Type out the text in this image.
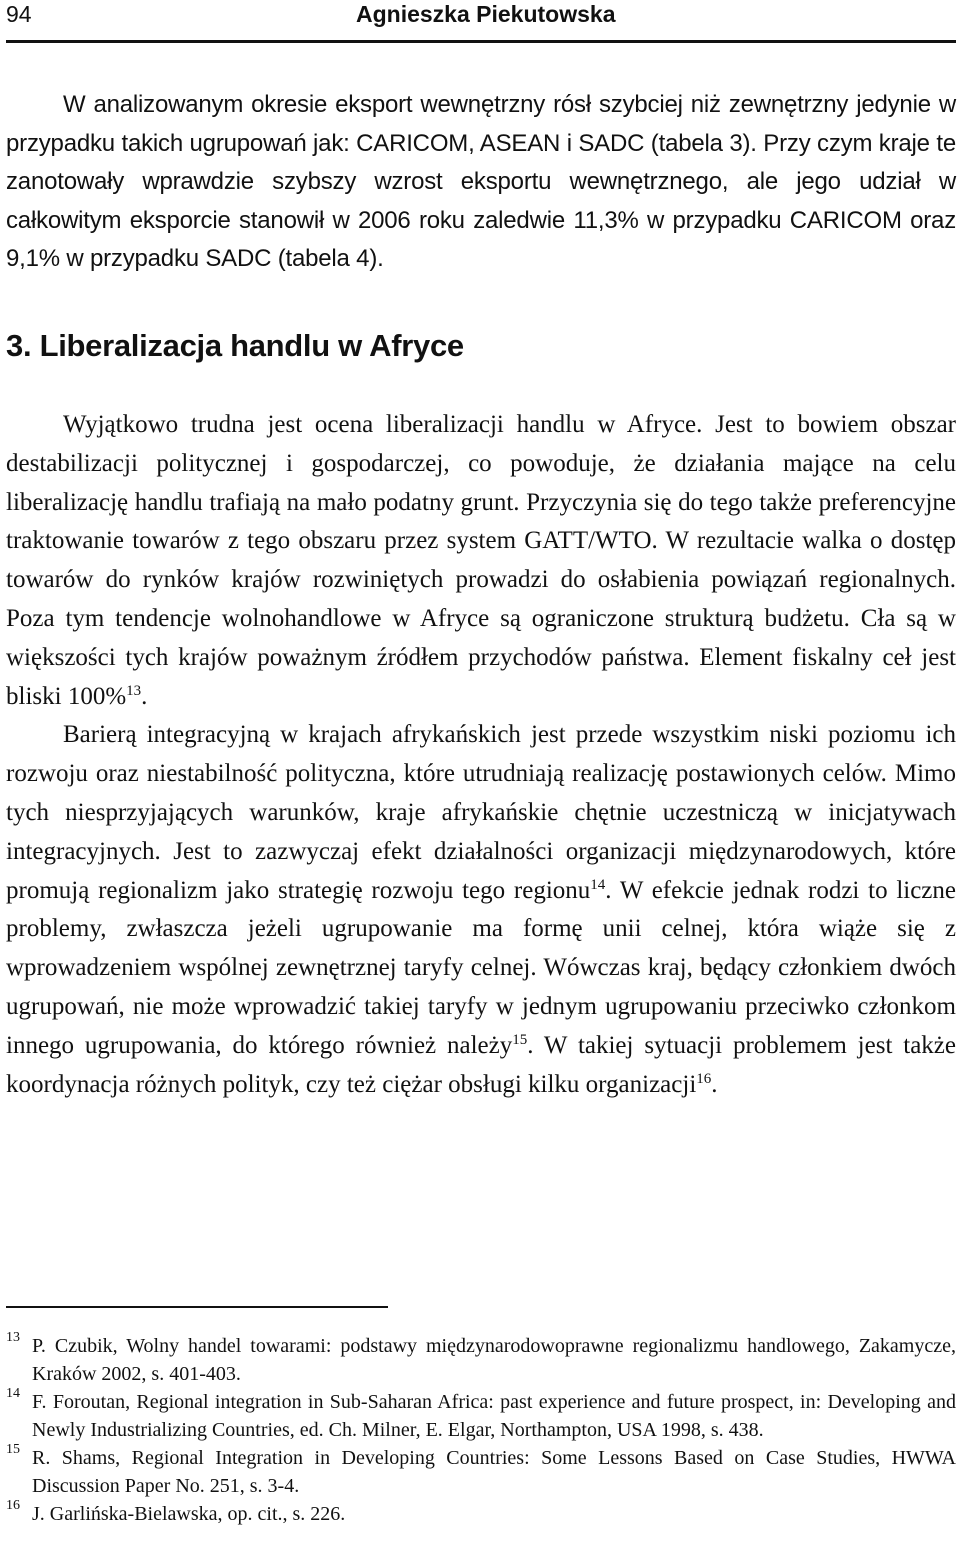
94	Agnieszka Piekutowska

W analizowanym okresie eksport wewnętrzny rósł szybciej niż zewnętrzny jedynie w przypadku takich ugrupowań jak: CARICOM, ASEAN i SADC (tabela 3). Przy czym kraje te zanotowały wprawdzie szybszy wzrost eksportu wewnętrznego, ale jego udział w całkowitym eksporcie stanowił w 2006 roku zaledwie 11,3% w przypadku CARICOM oraz 9,1% w przypadku SADC (tabela 4).

3. Liberalizacja handlu w Afryce

Wyjątkowo trudna jest ocena liberalizacji handlu w Afryce. Jest to bowiem obszar destabilizacji politycznej i gospodarczej, co powoduje, że działania mające na celu liberalizację handlu trafiają na mało podatny grunt. Przyczynia się do tego także preferencyjne traktowanie towarów z tego obszaru przez system GATT/WTO. W rezultacie walka o dostęp towarów do rynków krajów rozwiniętych prowadzi do osłabienia powiązań regionalnych. Poza tym tendencje wolnohandlowe w Afryce są ograniczone strukturą budżetu. Cła są w większości tych krajów poważnym źródłem przychodów państwa. Element fiskalny ceł jest bliski 100%$^{13}$.

Barierą integracyjną w krajach afrykańskich jest przede wszystkim niski poziomu ich rozwoju oraz niestabilność polityczna, które utrudniają realizację postawionych celów. Mimo tych niesprzyjających warunków, kraje afrykańskie chętnie uczestniczą w inicjatywach integracyjnych. Jest to zazwyczaj efekt działalności organizacji międzynarodowych, które promują regionalizm jako strategię rozwoju tego regionu$^{14}$. W efekcie jednak rodzi to liczne problemy, zwłaszcza jeżeli ugrupowanie ma formę unii celnej, która wiąże się z wprowadzeniem wspólnej zewnętrznej taryfy celnej. Wówczas kraj, będący członkiem dwóch ugrupowań, nie może wprowadzić takiej taryfy w jednym ugrupowaniu przeciwko członkom innego ugrupowania, do którego również należy$^{15}$. W takiej sytuacji problemem jest także koordynacja różnych polityk, czy też ciężar obsługi kilku organizacji$^{16}$.

13 P. Czubik, Wolny handel towarami: podstawy międzynarodowoprawne regionalizmu handlowego, Zakamycze, Kraków 2002, s. 401-403.

14 F. Foroutan, Regional integration in Sub-Saharan Africa: past experience and future prospect, in: Developing and Newly Industrializing Countries, ed. Ch. Milner, E. Elgar, Northampton, USA 1998, s. 438.

15 R. Shams, Regional Integration in Developing Countries: Some Lessons Based on Case Studies, HWWA Discussion Paper No. 251, s. 3-4.

16 J. Garlińska-Bielawska, op. cit., s. 226.
